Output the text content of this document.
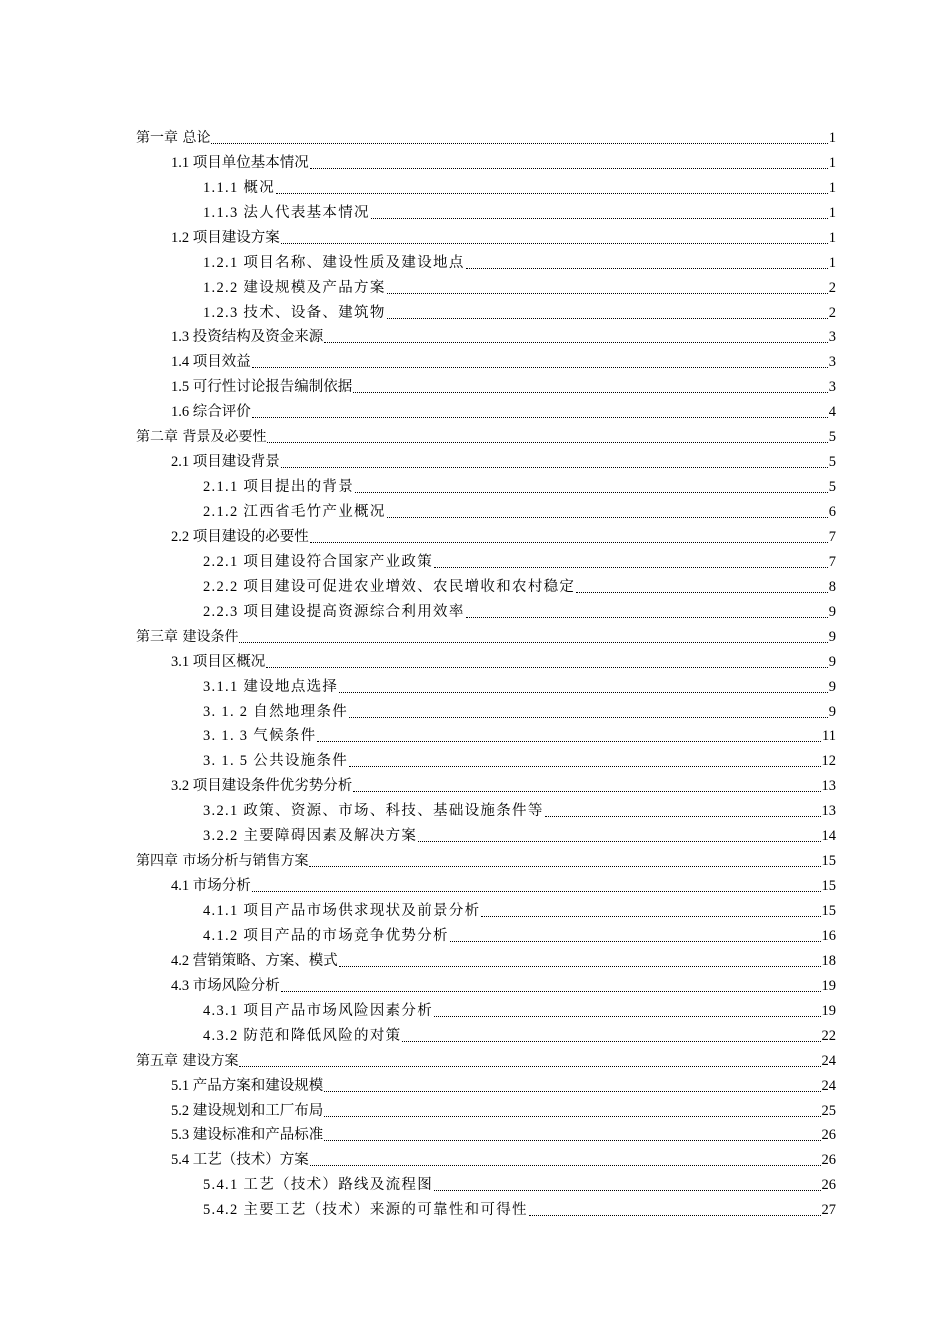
第一章 总论	1
1.1 项目单位基本情况	1
1.1.1 概况	1
1.1.3 法人代表基本情况	1
1.2 项目建设方案	1
1.2.1 项目名称、建设性质及建设地点	1
1.2.2 建设规模及产品方案	2
1.2.3 技术、设备、建筑物	2
1.3 投资结构及资金来源	3
1.4 项目效益	3
1.5 可行性讨论报告编制依据	3
1.6 综合评价	4
第二章 背景及必要性	5
2.1 项目建设背景	5
2.1.1 项目提出的背景	5
2.1.2 江西省毛竹产业概况	6
2.2 项目建设的必要性	7
2.2.1 项目建设符合国家产业政策	7
2.2.2 项目建设可促进农业增效、农民增收和农村稳定	8
2.2.3 项目建设提高资源综合利用效率	9
第三章 建设条件	9
3.1 项目区概况	9
3.1.1 建设地点选择	9
3. 1. 2 自然地理条件	9
3. 1. 3 气候条件	11
3. 1. 5 公共设施条件	12
3.2 项目建设条件优劣势分析	13
3.2.1 政策、资源、市场、科技、基础设施条件等	13
3.2.2 主要障碍因素及解决方案	14
第四章 市场分析与销售方案	15
4.1 市场分析	15
4.1.1 项目产品市场供求现状及前景分析	15
4.1.2 项目产品的市场竞争优势分析	16
4.2 营销策略、方案、模式	18
4.3 市场风险分析	19
4.3.1 项目产品市场风险因素分析	19
4.3.2 防范和降低风险的对策	22
第五章 建设方案	24
5.1 产品方案和建设规模	24
5.2 建设规划和工厂布局	25
5.3 建设标准和产品标准	26
5.4 工艺（技术）方案	26
5.4.1 工艺（技术）路线及流程图	26
5.4.2 主要工艺（技术）来源的可靠性和可得性	27
